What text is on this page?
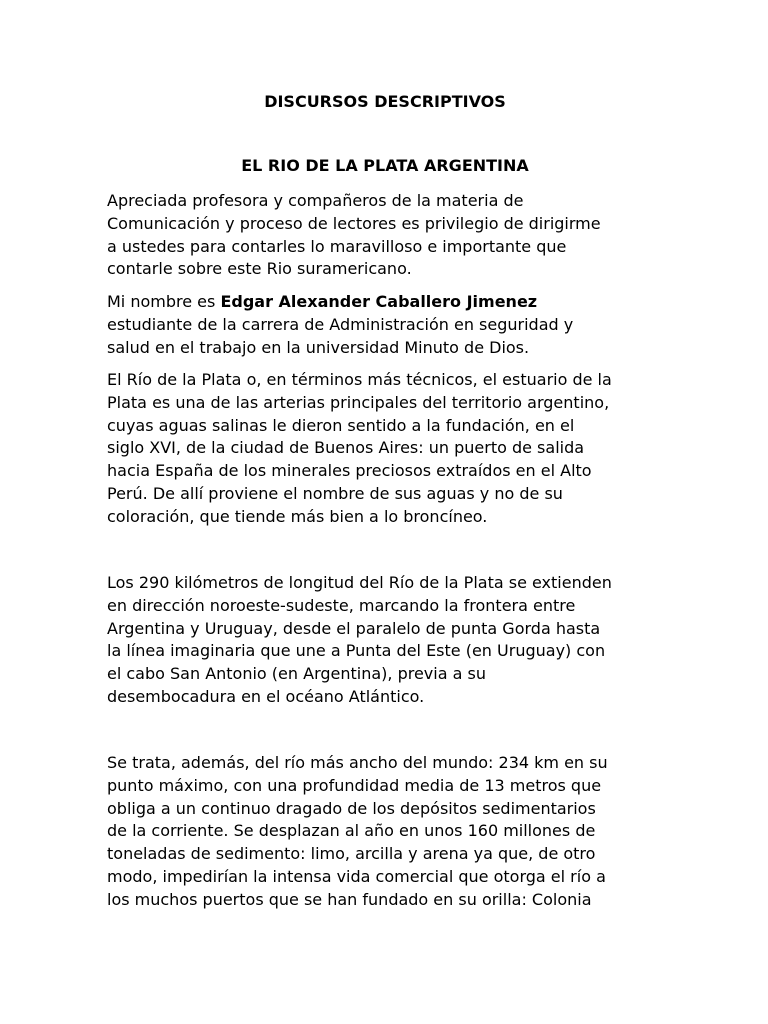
DISCURSOS DESCRIPTIVOS
EL RIO DE LA PLATA ARGENTINA

Apreciada profesora y compañeros de la materia de
Comunicación y proceso de lectores es privilegio de dirigirme
a ustedes para contarles lo maravilloso e importante que
contarle sobre este Rio suramericano.

Mi nombre es Edgar Alexander Caballero Jimenez
estudiante de la carrera de Administración en seguridad y
salud en el trabajo en la universidad Minuto de Dios.

El Río de la Plata o, en términos más técnicos, el estuario de la
Plata es una de las arterias principales del territorio argentino,
cuyas aguas salinas le dieron sentido a la fundación, en el
siglo XVI, de la ciudad de Buenos Aires: un puerto de salida
hacia España de los minerales preciosos extraídos en el Alto
Perú. De allí proviene el nombre de sus aguas y no de su
coloración, que tiende más bien a lo broncíneo.

Los 290 kilómetros de longitud del Río de la Plata se extienden
en dirección noroeste-sudeste, marcando la frontera entre
Argentina y Uruguay, desde el paralelo de punta Gorda hasta
la línea imaginaria que une a Punta del Este (en Uruguay) con
el cabo San Antonio (en Argentina), previa a su
desembocadura en el océano Atlántico.

Se trata, además, del río más ancho del mundo: 234 km en su
punto máximo, con una profundidad media de 13 metros que
obliga a un continuo dragado de los depósitos sedimentarios
de la corriente. Se desplazan al año en unos 160 millones de
toneladas de sedimento: limo, arcilla y arena ya que, de otro
modo, impedirían la intensa vida comercial que otorga el río a
los muchos puertos que se han fundado en su orilla: Colonia
